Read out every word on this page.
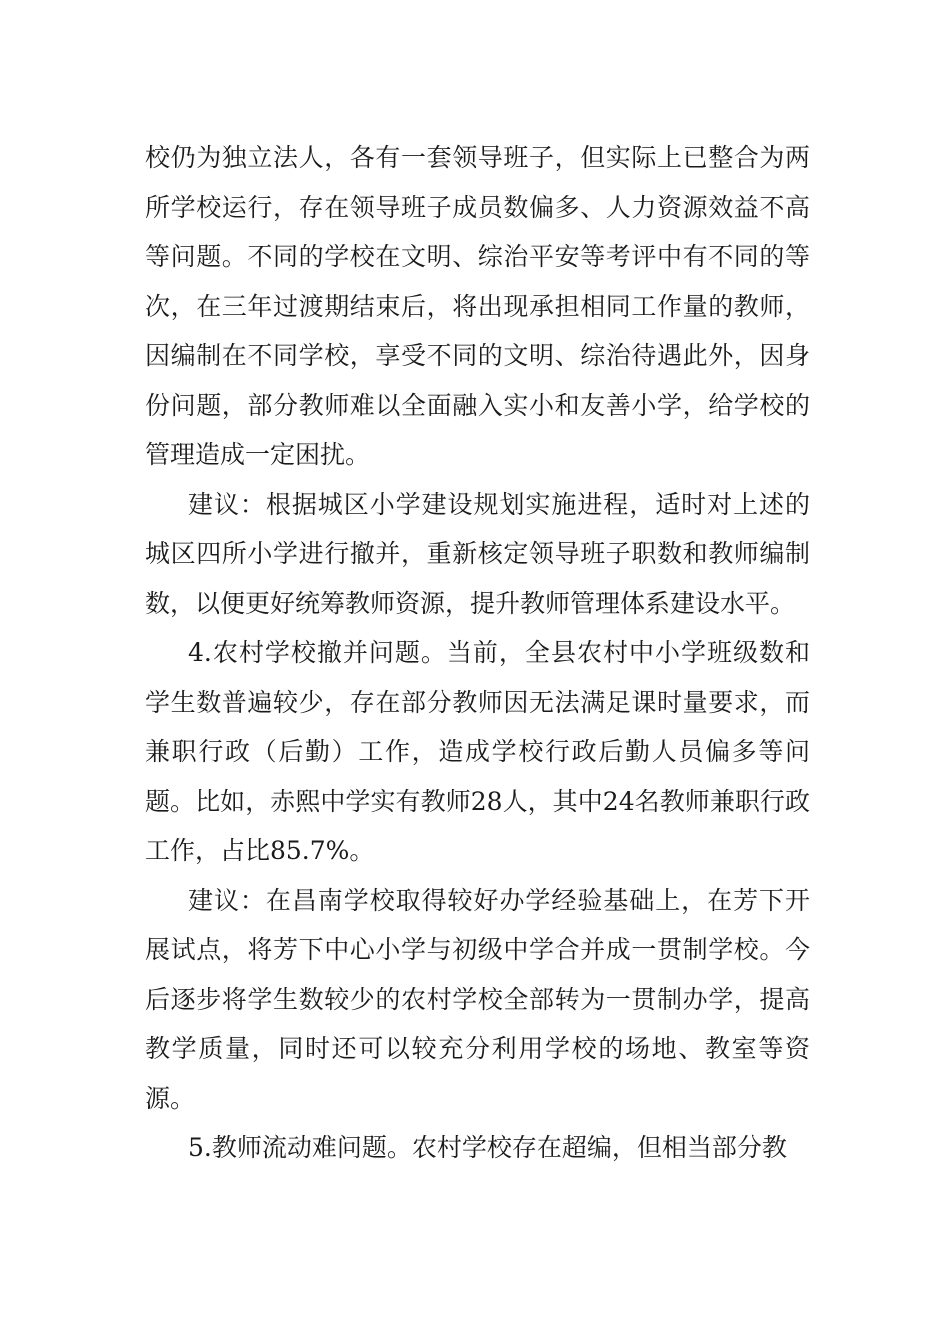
校仍为独立法人，各有一套领导班子，但实际上已整合为两所学校运行，存在领导班子成员数偏多、人力资源效益不高等问题。不同的学校在文明、综治平安等考评中有不同的等次，在三年过渡期结束后，将出现承担相同工作量的教师，因编制在不同学校，享受不同的文明、综治待遇此外，因身份问题，部分教师难以全面融入实小和友善小学，给学校的管理造成一定困扰。

建议：根据城区小学建设规划实施进程，适时对上述的城区四所小学进行撤并，重新核定领导班子职数和教师编制数，以便更好统筹教师资源，提升教师管理体系建设水平。

4.农村学校撤并问题。当前，全县农村中小学班级数和学生数普遍较少，存在部分教师因无法满足课时量要求，而兼职行政（后勤）工作，造成学校行政后勤人员偏多等问题。比如，赤熙中学实有教师28人，其中24名教师兼职行政工作，占比85.7%。

建议：在昌南学校取得较好办学经验基础上，在芳下开展试点，将芳下中心小学与初级中学合并成一贯制学校。今后逐步将学生数较少的农村学校全部转为一贯制办学，提高教学质量，同时还可以较充分利用学校的场地、教室等资源。

5.教师流动难问题。农村学校存在超编，但相当部分教
